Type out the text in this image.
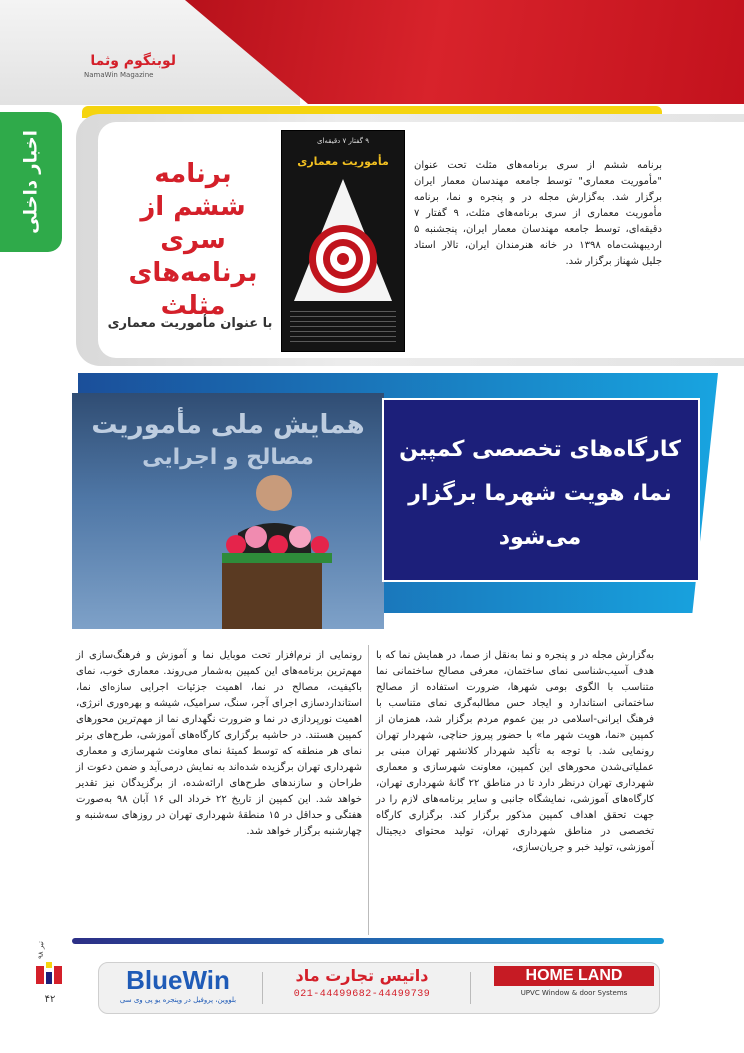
لوبنگوم وثما
NamaWin Magazine
اخبار داخلی	برنامه ششم از سری برنامه‌های مثلث
با عنوان مأموریت معماری
۹ گفتار ۷ دقیقه‌ای
مأموریت معماری	برنامه ششم از سری برنامه‌های مثلث تحت عنوان "مأموریت معماری" توسط جامعه مهندسان معمار ایران برگزار شد. به‌گزارش مجله در و پنجره و نما، برنامه مأموریت معماری از سری برنامه‌های مثلث، ۹ گفتار ۷ دقیقه‌ای، توسط جامعه مهندسان معمار ایران، پنجشنبه ۵ اردیبهشت‌ماه ۱۳۹۸ در خانه هنرمندان ایران، تالار استاد جلیل شهناز برگزار شد.
همایش ملی مأموریت
مصالح و اجرایی	کارگاه‌های تخصصی کمپین نما، هویت شهرما برگزار می‌شود
به‌گزارش مجله در و پنجره و نما به‌نقل از صما، در همایش نما که با هدف آسیب‌شناسی نمای ساختمان، معرفی مصالح ساختمانی نما متناسب با الگوی بومی شهرها، ضرورت استفاده از مصالح ساختمانی استاندارد و ایجاد حس مطالبه‌گری نمای متناسب با فرهنگ ایرانی-اسلامی در بین عموم مردم برگزار شد، همزمان از کمپین «نما، هویت شهر ما» با حضور پیروز حناچی، شهردار تهران رونمایی شد. با توجه به تأکید شهردار کلانشهر تهران مبنی بر عملیاتی‌شدن محورهای این کمپین، معاونت شهرسازی و معماری شهرداری تهران درنظر دارد تا در مناطق ۲۲ گانهٔ شهرداری تهران، کارگاه‌های آموزشی، نمایشگاه جانبی و سایر برنامه‌های لازم را در جهت تحقق اهداف کمپین مذکور برگزار کند. برگزاری کارگاه تخصصی در مناطق شهرداری تهران، تولید محتوای دیجیتال آموزشی، تولید خبر و جریان‌سازی،
رونمایی از نرم‌افزار تحت موبایل نما و آموزش و فرهنگ‌سازی از مهم‌ترین برنامه‌های این کمپین به‌شمار می‌روند. معماری خوب، نمای باکیفیت، مصالح در نما، اهمیت جزئیات اجرایی سازه‌ای نما، استانداردسازی اجرای آجر، سنگ، سرامیک، شیشه و بهره‌وری انرژی، اهمیت نورپردازی در نما و ضرورت نگهداری نما از مهم‌ترین محورهای کمپین هستند. در حاشیه برگزاری کارگاه‌های آموزشی، طرح‌های برتر نمای هر منطقه که توسط کمیتهٔ نمای معاونت شهرسازی و معماری شهرداری تهران برگزیده شده‌اند به نمایش درمی‌آید و ضمن دعوت از طراحان و سازندهای طرح‌های ارائه‌شده، از برگزیدگان نیز تقدیر خواهد شد. این کمپین از تاریخ ۲۲ خرداد الی ۱۶ آبان ۹۸ به‌صورت هفتگی و حداقل در ۱۵ منطقهٔ شهرداری تهران در روزهای سه‌شنبه و چهارشنبه برگزار خواهد شد.
BlueWin
بلووین، پروفیل در وپنجره یو پی وی سی
داتیس تجارت ماد
021-44499682-44499739
HOME LAND
UPVC Window & door Systems
تیر ۹۸
۴۲
